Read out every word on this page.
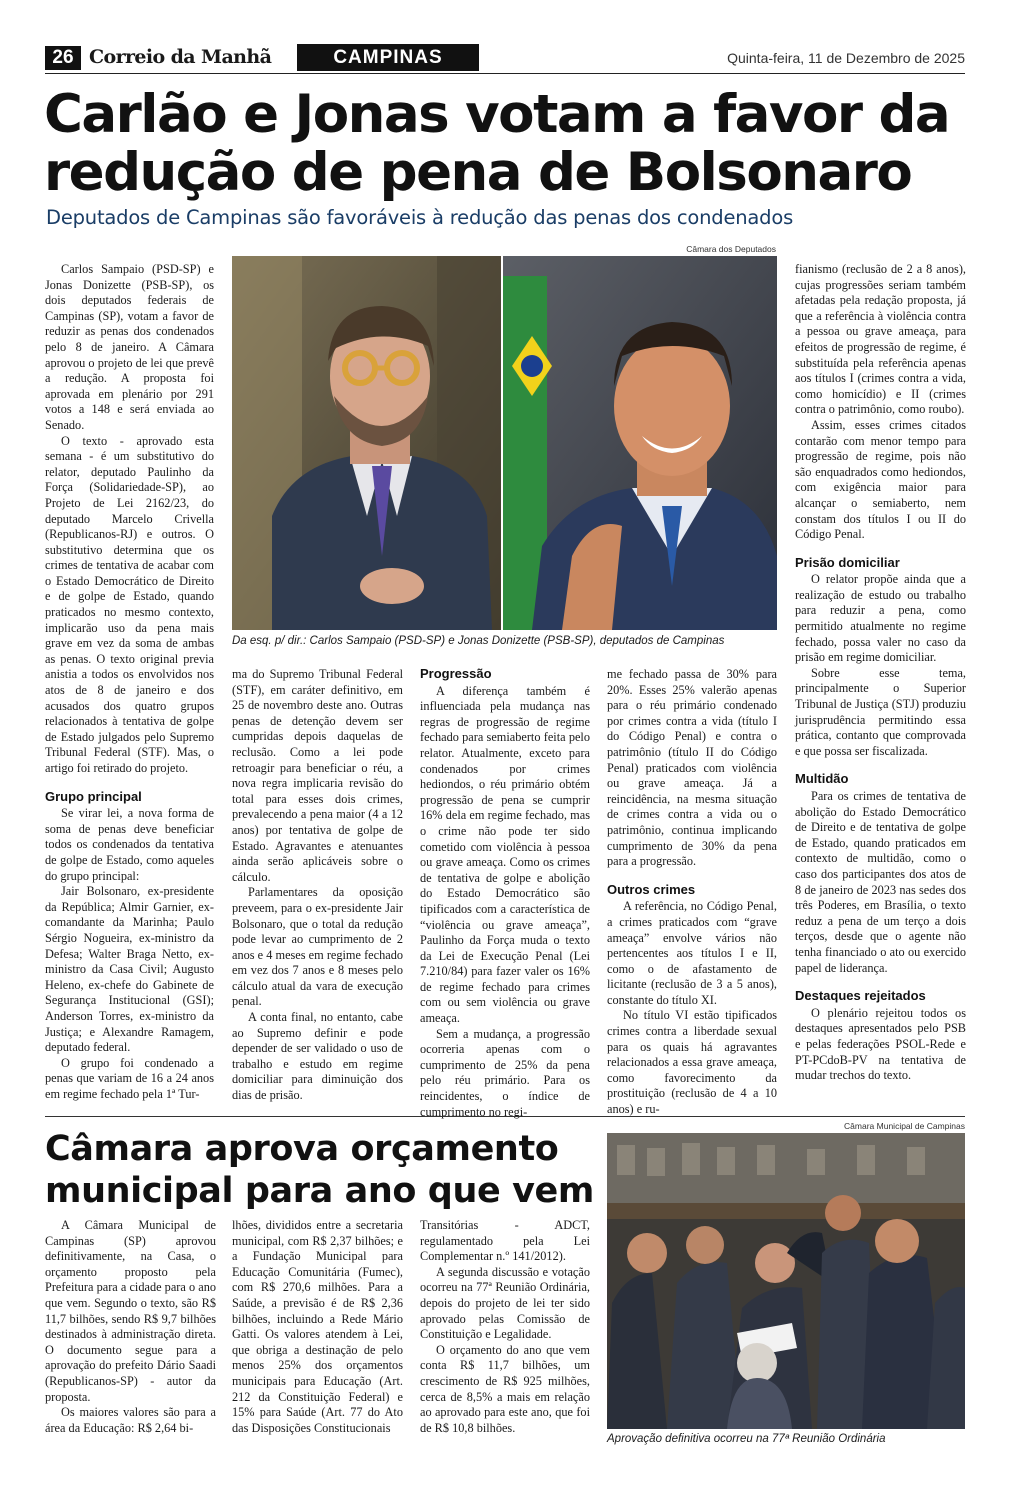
26 Correio da Manhã	CAMPINAS	Quinta-feira, 11 de Dezembro de 2025
Carlão e Jonas votam a favor da redução de pena de Bolsonaro
Deputados de Campinas são favoráveis à redução das penas dos condenados
Câmara dos Deputados
Da esq. p/ dir.: Carlos Sampaio (PSD-SP) e Jonas Donizette (PSB-SP), deputados de Campinas

Carlos Sampaio (PSD-SP) e Jonas Donizette (PSB-SP), os dois deputados federais de Campinas (SP), votam a favor de reduzir as penas dos condenados pelo 8 de janeiro. A Câmara aprovou o projeto de lei que prevê a redução. A proposta foi aprovada em plenário por 291 votos a 148 e será enviada ao Senado.

O texto - aprovado esta semana - é um substitutivo do relator, deputado Paulinho da Força (Solidariedade-SP), ao Projeto de Lei 2162/23, do deputado Marcelo Crivella (Republicanos-RJ) e outros. O substitutivo determina que os crimes de tentativa de acabar com o Estado Democrático de Direito e de golpe de Estado, quando praticados no mesmo contexto, implicarão uso da pena mais grave em vez da soma de ambas as penas. O texto original previa anistia a todos os envolvidos nos atos de 8 de janeiro e dos acusados dos quatro grupos relacionados à tentativa de golpe de Estado julgados pelo Supremo Tribunal Federal (STF). Mas, o artigo foi retirado do projeto.

Grupo principal

Se virar lei, a nova forma de soma de penas deve beneficiar todos os condenados da tentativa de golpe de Estado, como aqueles do grupo principal:

Jair Bolsonaro, ex-presidente da República; Almir Garnier, ex-comandante da Marinha; Paulo Sérgio Nogueira, ex-ministro da Defesa; Walter Braga Netto, ex-ministro da Casa Civil; Augusto Heleno, ex-chefe do Gabinete de Segurança Institucional (GSI); Anderson Torres, ex-ministro da Justiça; e Alexandre Ramagem, deputado federal.

O grupo foi condenado a penas que variam de 16 a 24 anos em regime fechado pela 1ª Tur-

ma do Supremo Tribunal Federal (STF), em caráter definitivo, em 25 de novembro deste ano. Outras penas de detenção devem ser cumpridas depois daquelas de reclusão. Como a lei pode retroagir para beneficiar o réu, a nova regra implicaria revisão do total para esses dois crimes, prevalecendo a pena maior (4 a 12 anos) por tentativa de golpe de Estado. Agravantes e atenuantes ainda serão aplicáveis sobre o cálculo.

Parlamentares da oposição preveem, para o ex-presidente Jair Bolsonaro, que o total da redução pode levar ao cumprimento de 2 anos e 4 meses em regime fechado em vez dos 7 anos e 8 meses pelo cálculo atual da vara de execução penal.

A conta final, no entanto, cabe ao Supremo definir e pode depender de ser validado o uso de trabalho e estudo em regime domiciliar para diminuição dos dias de prisão.

Progressão

A diferença também é influenciada pela mudança nas regras de progressão de regime fechado para semiaberto feita pelo relator. Atualmente, exceto para condenados por crimes hediondos, o réu primário obtém progressão de pena se cumprir 16% dela em regime fechado, mas o crime não pode ter sido cometido com violência à pessoa ou grave ameaça. Como os crimes de tentativa de golpe e abolição do Estado Democrático são tipificados com a característica de “violência ou grave ameaça”, Paulinho da Força muda o texto da Lei de Execução Penal (Lei 7.210/84) para fazer valer os 16% de regime fechado para crimes com ou sem violência ou grave ameaça.

Sem a mudança, a progressão ocorreria apenas com o cumprimento de 25% da pena pelo réu primário. Para os reincidentes, o índice de cumprimento no regi-

me fechado passa de 30% para 20%. Esses 25% valerão apenas para o réu primário condenado por crimes contra a vida (título I do Código Penal) e contra o patrimônio (título II do Código Penal) praticados com violência ou grave ameaça. Já a reincidência, na mesma situação de crimes contra a vida ou o patrimônio, continua implicando cumprimento de 30% da pena para a progressão.

Outros crimes

A referência, no Código Penal, a crimes praticados com “grave ameaça” envolve vários não pertencentes aos títulos I e II, como o de afastamento de licitante (reclusão de 3 a 5 anos), constante do título XI.

No título VI estão tipificados crimes contra a liberdade sexual para os quais há agravantes relacionados a essa grave ameaça, como favorecimento da prostituição (reclusão de 4 a 10 anos) e ru-

fianismo (reclusão de 2 a 8 anos), cujas progressões seriam também afetadas pela redação proposta, já que a referência à violência contra a pessoa ou grave ameaça, para efeitos de progressão de regime, é substituída pela referência apenas aos títulos I (crimes contra a vida, como homicídio) e II (crimes contra o patrimônio, como roubo).

Assim, esses crimes citados contarão com menor tempo para progressão de regime, pois não são enquadrados como hediondos, com exigência maior para alcançar o semiaberto, nem constam dos títulos I ou II do Código Penal.

Prisão domiciliar

O relator propõe ainda que a realização de estudo ou trabalho para reduzir a pena, como permitido atualmente no regime fechado, possa valer no caso da prisão em regime domiciliar.

Sobre esse tema, principalmente o Superior Tribunal de Justiça (STJ) produziu jurisprudência permitindo essa prática, contanto que comprovada e que possa ser fiscalizada.

Multidão

Para os crimes de tentativa de abolição do Estado Democrático de Direito e de tentativa de golpe de Estado, quando praticados em contexto de multidão, como o caso dos participantes dos atos de 8 de janeiro de 2023 nas sedes dos três Poderes, em Brasília, o texto reduz a pena de um terço a dois terços, desde que o agente não tenha financiado o ato ou exercido papel de liderança.

Destaques rejeitados

O plenário rejeitou todos os destaques apresentados pelo PSB e pelas federações PSOL-Rede e PT-PCdoB-PV na tentativa de mudar trechos do texto.

Câmara aprova orçamento municipal para ano que vem

A Câmara Municipal de Campinas (SP) aprovou definitivamente, na Casa, o orçamento proposto pela Prefeitura para a cidade para o ano que vem. Segundo o texto, são R$ 11,7 bilhões, sendo R$ 9,7 bilhões destinados à administração direta. O documento segue para a aprovação do prefeito Dário Saadi (Republicanos-SP) - autor da proposta.

Os maiores valores são para a área da Educação: R$ 2,64 bi-

lhões, divididos entre a secretaria municipal, com R$ 2,37 bilhões; e a Fundação Municipal para Educação Comunitária (Fumec), com R$ 270,6 milhões. Para a Saúde, a previsão é de R$ 2,36 bilhões, incluindo a Rede Mário Gatti. Os valores atendem à Lei, que obriga a destinação de pelo menos 25% dos orçamentos municipais para Educação (Art. 212 da Constituição Federal) e 15% para Saúde (Art. 77 do Ato das Disposições Constitucionais

Transitórias - ADCT, regulamentado pela Lei Complementar n.º 141/2012).

A segunda discussão e votação ocorreu na 77ª Reunião Ordinária, depois do projeto de lei ter sido aprovado pelas Comissão de Constituição e Legalidade.

O orçamento do ano que vem conta R$ 11,7 bilhões, um crescimento de R$ 925 milhões, cerca de 8,5% a mais em relação ao aprovado para este ano, que foi de R$ 10,8 bilhões.

Câmara Municipal de Campinas
Aprovação definitiva ocorreu na 77ª Reunião Ordinária
